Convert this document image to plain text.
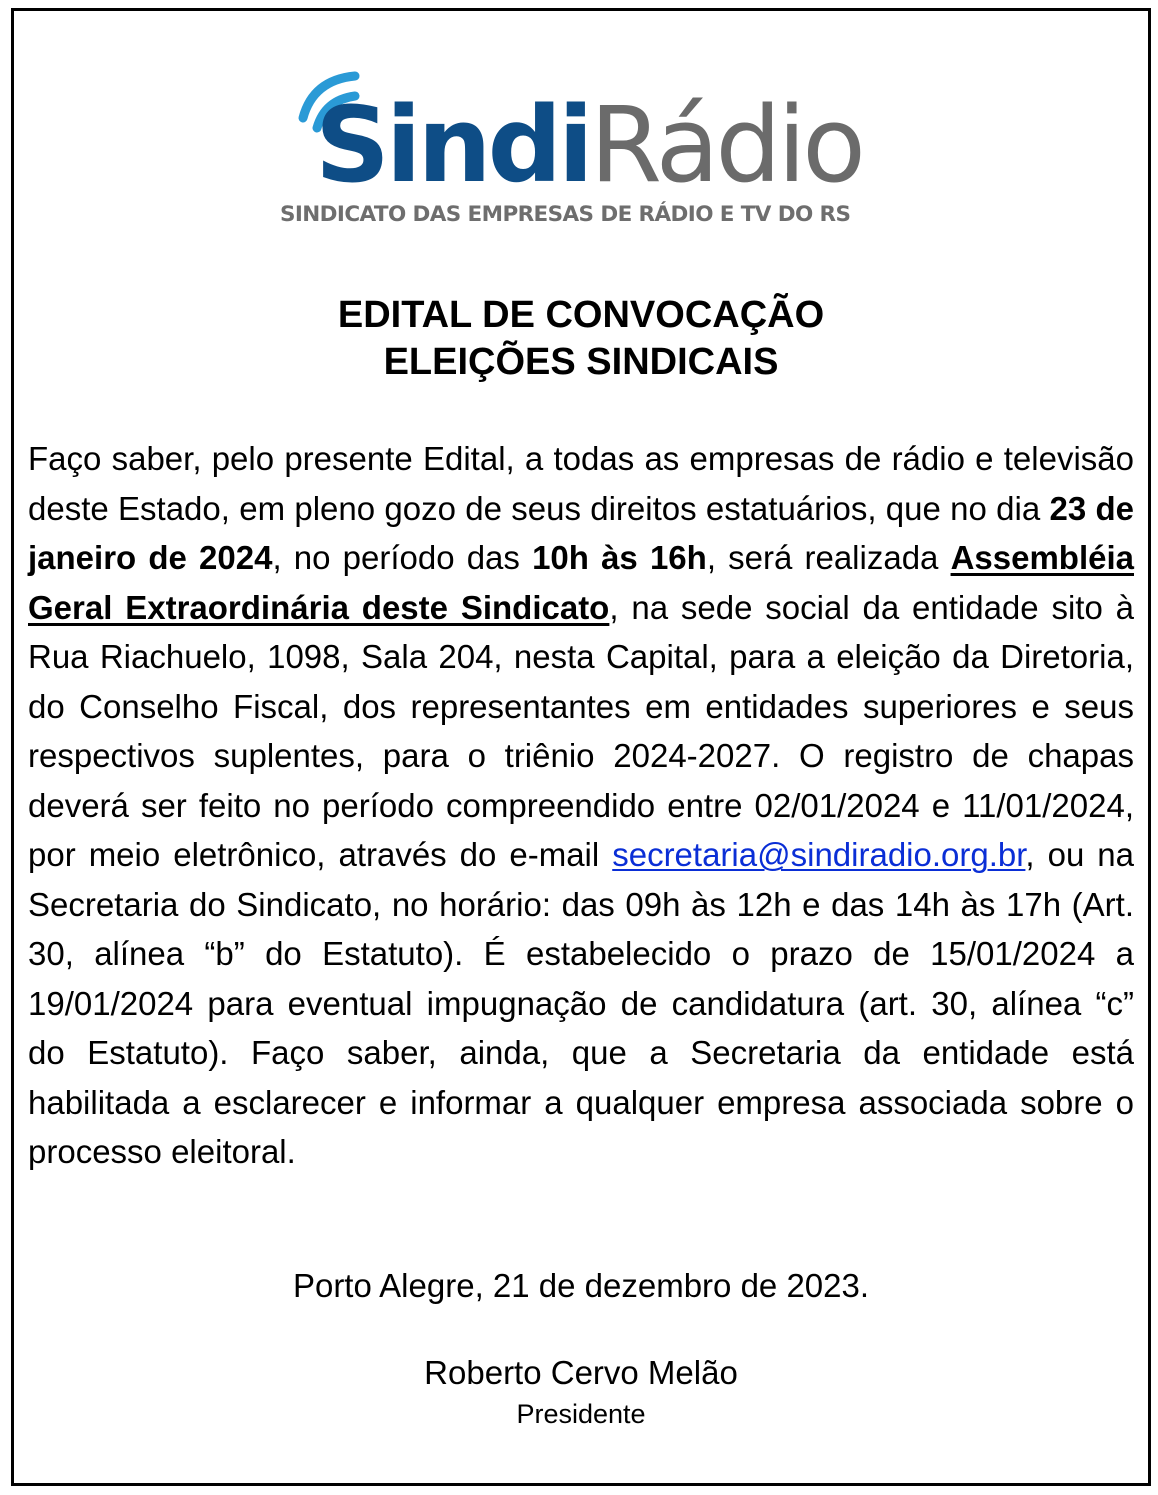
SindiRádio
SINDICATO DAS EMPRESAS DE RÁDIO E TV DO RS
EDITAL DE CONVOCAÇÃO
ELEIÇÕES SINDICAIS
Faço saber, pelo presente Edital, a todas as empresas de rádio e televisão deste Estado, em pleno gozo de seus direitos estatuários, que no dia 23 de janeiro de 2024, no período das 10h às 16h, será realizada Assembléia Geral Extraordinária deste Sindicato, na sede social da entidade sito à Rua Riachuelo, 1098, Sala 204, nesta Capital, para a eleição da Diretoria, do Conselho Fiscal, dos representantes em entidades superiores e seus respectivos suplentes, para o triênio 2024-2027. O registro de chapas deverá ser feito no período compreendido entre 02/01/2024 e 11/01/2024, por meio eletrônico, através do e-mail secretaria@sindiradio.org.br, ou na Secretaria do Sindicato, no horário: das 09h às 12h e das 14h às 17h (Art. 30, alínea “b” do Estatuto). É estabelecido o prazo de 15/01/2024 a 19/01/2024 para eventual impugnação de candidatura (art. 30, alínea “c” do Estatuto). Faço saber, ainda, que a Secretaria da entidade está habilitada a esclarecer e informar a qualquer empresa associada sobre o processo eleitoral.
Porto Alegre, 21 de dezembro de 2023.
Roberto Cervo Melão
Presidente
